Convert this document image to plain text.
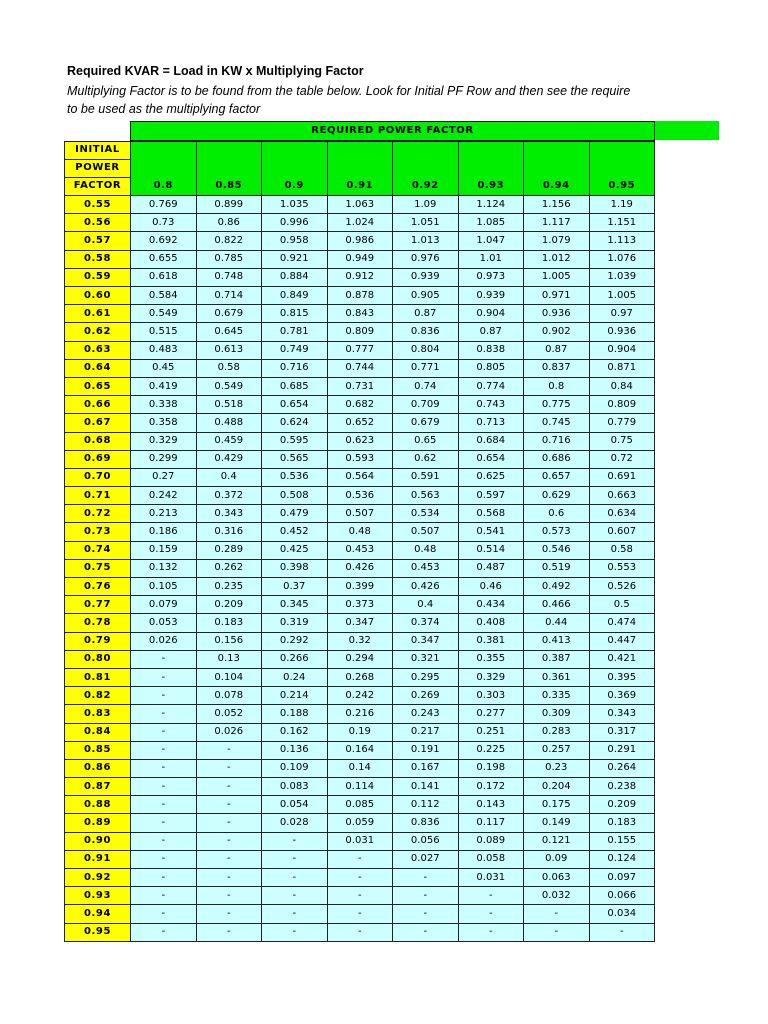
Required KVAR = Load in KW x Multiplying Factor
Multiplying Factor is to be found from the table below. Look for Initial PF Row and then see the require
to be used as the multiplying factor
	REQUIRED POWER FACTOR							
INITIAL								
POWER								
FACTOR	0.8	0.85	0.9	0.91	0.92	0.93	0.94	0.95
0.55	0.769	0.899	1.035	1.063	1.09	1.124	1.156	1.19
0.56	0.73	0.86	0.996	1.024	1.051	1.085	1.117	1.151
0.57	0.692	0.822	0.958	0.986	1.013	1.047	1.079	1.113
0.58	0.655	0.785	0.921	0.949	0.976	1.01	1.012	1.076
0.59	0.618	0.748	0.884	0.912	0.939	0.973	1.005	1.039
0.60	0.584	0.714	0.849	0.878	0.905	0.939	0.971	1.005
0.61	0.549	0.679	0.815	0.843	0.87	0.904	0.936	0.97
0.62	0.515	0.645	0.781	0.809	0.836	0.87	0.902	0.936
0.63	0.483	0.613	0.749	0.777	0.804	0.838	0.87	0.904
0.64	0.45	0.58	0.716	0.744	0.771	0.805	0.837	0.871
0.65	0.419	0.549	0.685	0.731	0.74	0.774	0.8	0.84
0.66	0.338	0.518	0.654	0.682	0.709	0.743	0.775	0.809
0.67	0.358	0.488	0.624	0.652	0.679	0.713	0.745	0.779
0.68	0.329	0.459	0.595	0.623	0.65	0.684	0.716	0.75
0.69	0.299	0.429	0.565	0.593	0.62	0.654	0.686	0.72
0.70	0.27	0.4	0.536	0.564	0.591	0.625	0.657	0.691
0.71	0.242	0.372	0.508	0.536	0.563	0.597	0.629	0.663
0.72	0.213	0.343	0.479	0.507	0.534	0.568	0.6	0.634
0.73	0.186	0.316	0.452	0.48	0.507	0.541	0.573	0.607
0.74	0.159	0.289	0.425	0.453	0.48	0.514	0.546	0.58
0.75	0.132	0.262	0.398	0.426	0.453	0.487	0.519	0.553
0.76	0.105	0.235	0.37	0.399	0.426	0.46	0.492	0.526
0.77	0.079	0.209	0.345	0.373	0.4	0.434	0.466	0.5
0.78	0.053	0.183	0.319	0.347	0.374	0.408	0.44	0.474
0.79	0.026	0.156	0.292	0.32	0.347	0.381	0.413	0.447
0.80	-	0.13	0.266	0.294	0.321	0.355	0.387	0.421
0.81	-	0.104	0.24	0.268	0.295	0.329	0.361	0.395
0.82	-	0.078	0.214	0.242	0.269	0.303	0.335	0.369
0.83	-	0.052	0.188	0.216	0.243	0.277	0.309	0.343
0.84	-	0.026	0.162	0.19	0.217	0.251	0.283	0.317
0.85	-	-	0.136	0.164	0.191	0.225	0.257	0.291
0.86	-	-	0.109	0.14	0.167	0.198	0.23	0.264
0.87	-	-	0.083	0.114	0.141	0.172	0.204	0.238
0.88	-	-	0.054	0.085	0.112	0.143	0.175	0.209
0.89	-	-	0.028	0.059	0.836	0.117	0.149	0.183
0.90	-	-	-	0.031	0.056	0.089	0.121	0.155
0.91	-	-	-	-	0.027	0.058	0.09	0.124
0.92	-	-	-	-	-	0.031	0.063	0.097
0.93	-	-	-	-	-	-	0.032	0.066
0.94	-	-	-	-	-	-	-	0.034
0.95	-	-	-	-	-	-	-	-
